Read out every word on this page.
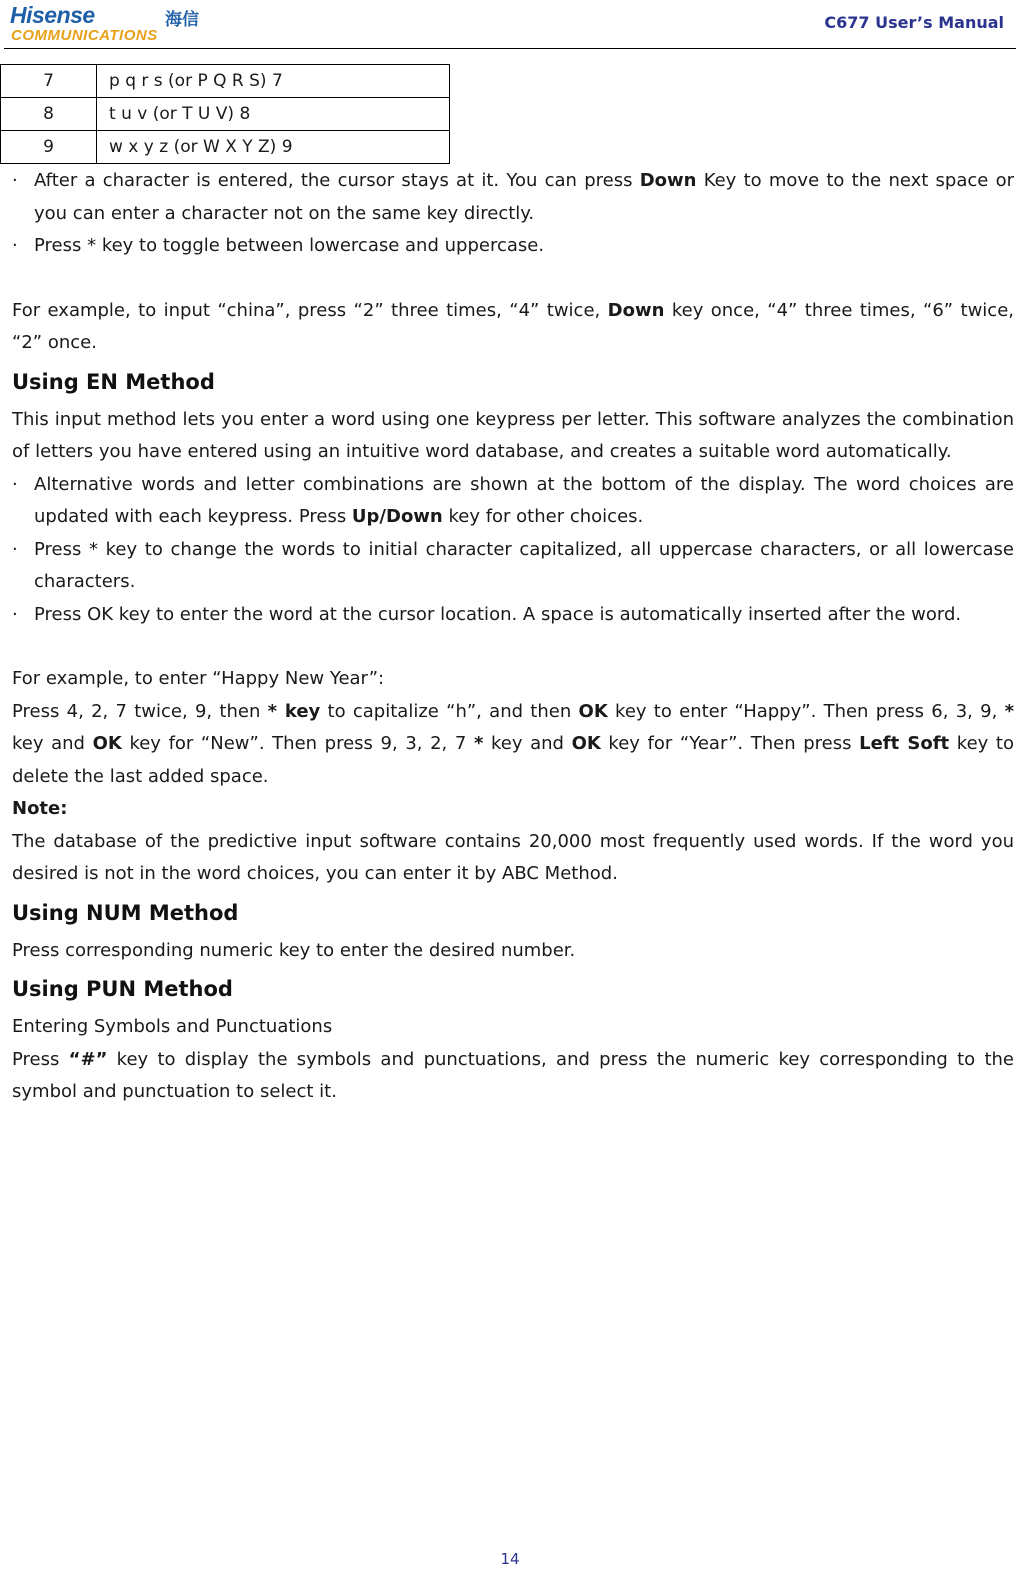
Hisense	海信
COMMUNICATIONS
C677 User’s Manual
7	p q r s (or P Q R S) 7
8	t u v (or T U V) 8
9	w x y z (or W X Y Z) 9

· After a character is entered, the cursor stays at it. You can press Down Key to move to the next space or you can enter a character not on the same key directly.

· Press * key to toggle between lowercase and uppercase.

For example, to input “china”, press “2” three times, “4” twice, Down key once, “4” three times, “6” twice, “2” once.

Using EN Method

This input method lets you enter a word using one keypress per letter. This software analyzes the combination of letters you have entered using an intuitive word database, and creates a suitable word automatically.

· Alternative words and letter combinations are shown at the bottom of the display. The word choices are updated with each keypress. Press Up/Down key for other choices.

· Press * key to change the words to initial character capitalized, all uppercase characters, or all lowercase characters.

· Press OK key to enter the word at the cursor location. A space is automatically inserted after the word.

For example, to enter “Happy New Year”:

Press 4, 2, 7 twice, 9, then * key to capitalize “h”, and then OK key to enter “Happy”. Then press 6, 3, 9, * key and OK key for “New”. Then press 9, 3, 2, 7 * key and OK key for “Year”. Then press Left Soft key to delete the last added space.

Note:

The database of the predictive input software contains 20,000 most frequently used words. If the word you desired is not in the word choices, you can enter it by ABC Method.

Using NUM Method

Press corresponding numeric key to enter the desired number.

Using PUN Method

Entering Symbols and Punctuations

Press “#” key to display the symbols and punctuations, and press the numeric key corresponding to the symbol and punctuation to select it.

14
